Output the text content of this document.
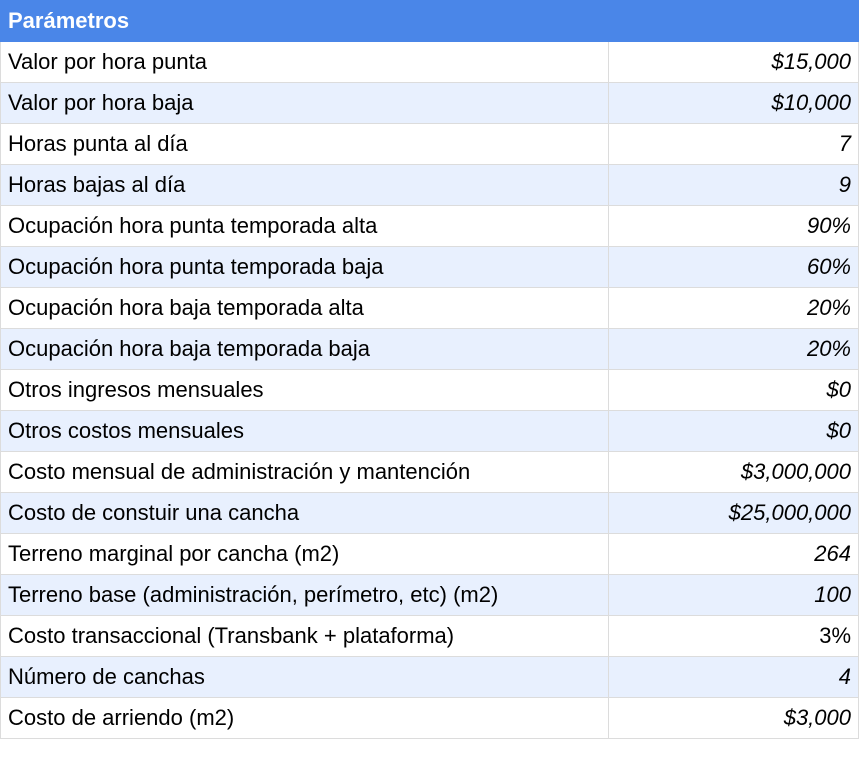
Parámetros	
Valor por hora punta	$15,000
Valor por hora baja	$10,000
Horas punta al día	7
Horas bajas al día	9
Ocupación hora punta temporada alta	90%
Ocupación hora punta temporada baja	60%
Ocupación hora baja temporada alta	20%
Ocupación hora baja temporada baja	20%
Otros ingresos mensuales	$0
Otros costos mensuales	$0
Costo mensual de administración y mantención	$3,000,000
Costo de constuir una cancha	$25,000,000
Terreno marginal por cancha (m2)	264
Terreno base (administración, perímetro, etc) (m2)	100
Costo transaccional (Transbank + plataforma)	3%
Número de canchas	4
Costo de arriendo (m2)	$3,000
